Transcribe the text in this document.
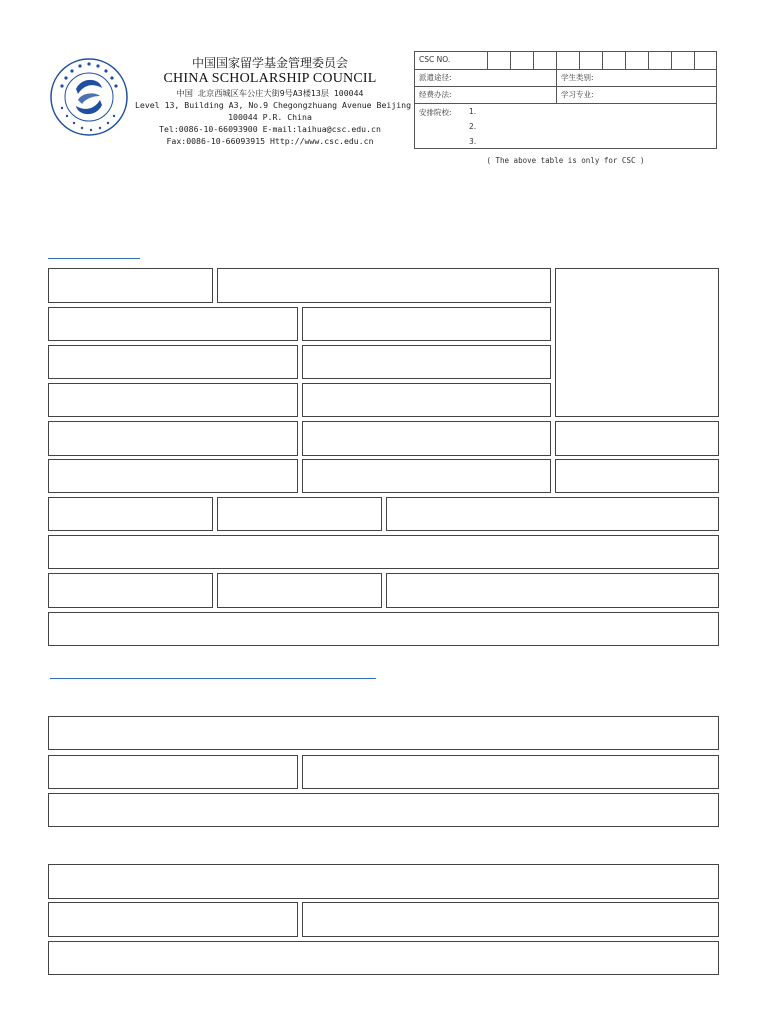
中国国家留学基金管理委员会
CHINA SCHOLARSHIP COUNCIL
中国 北京西城区车公庄大街9号A3楼13层 100044
Level 13, Building A3, No.9 Chegongzhuang Avenue Beijing
100044 P.R. China
Tel:0086-10-66093900 E-mail:laihua@csc.edu.cn
Fax:0086-10-66093915 Http://www.csc.edu.cn
CSC NO.
派遣途径:	学生类别:
经费办法:	学习专业:
安排院校: 1.
2.
3.
( The above table is only for CSC )
